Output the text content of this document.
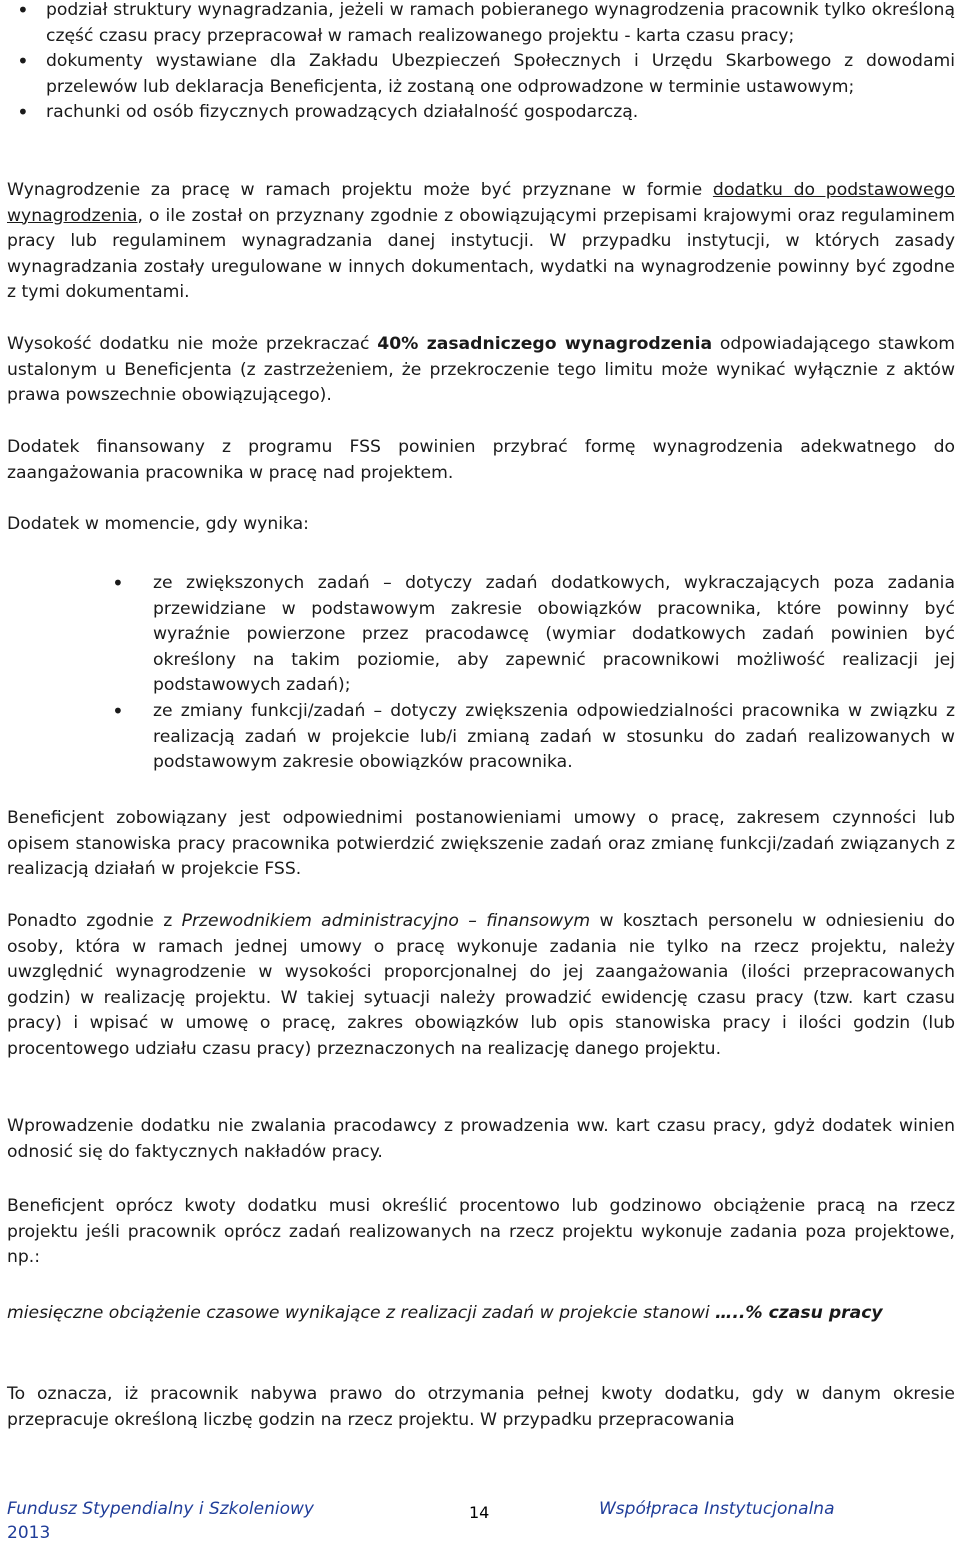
• podział struktury wynagradzania, jeżeli w ramach pobieranego wynagrodzenia pracownik tylko określoną część czasu pracy przepracował w ramach realizowanego projektu - karta czasu pracy;
• dokumenty wystawiane dla Zakładu Ubezpieczeń Społecznych i Urzędu Skarbowego z dowodami przelewów lub deklaracja Beneficjenta, iż zostaną one odprowadzone w terminie ustawowym;
• rachunki od osób fizycznych prowadzących działalność gospodarczą.

Wynagrodzenie za pracę w ramach projektu może być przyznane w formie dodatku do podstawowego wynagrodzenia, o ile został on przyznany zgodnie z obowiązującymi przepisami krajowymi oraz regulaminem pracy lub regulaminem wynagradzania danej instytucji. W przypadku instytucji, w których zasady wynagradzania zostały uregulowane w innych dokumentach, wydatki na wynagrodzenie powinny być zgodne z tymi dokumentami.

Wysokość dodatku nie może przekraczać 40% zasadniczego wynagrodzenia odpowiadającego stawkom ustalonym u Beneficjenta (z zastrzeżeniem, że przekroczenie tego limitu może wynikać wyłącznie z aktów prawa powszechnie obowiązującego).

Dodatek finansowany z programu FSS powinien przybrać formę wynagrodzenia adekwatnego do zaangażowania pracownika w pracę nad projektem.

Dodatek w momencie, gdy wynika:

• ze zwiększonych zadań – dotyczy zadań dodatkowych, wykraczających poza zadania przewidziane w podstawowym zakresie obowiązków pracownika, które powinny być wyraźnie powierzone przez pracodawcę (wymiar dodatkowych zadań powinien być określony na takim poziomie, aby zapewnić pracownikowi możliwość realizacji jej podstawowych zadań);
• ze zmiany funkcji/zadań – dotyczy zwiększenia odpowiedzialności pracownika w związku z realizacją zadań w projekcie lub/i zmianą zadań w stosunku do zadań realizowanych w podstawowym zakresie obowiązków pracownika.

Beneficjent zobowiązany jest odpowiednimi postanowieniami umowy o pracę, zakresem czynności lub opisem stanowiska pracy pracownika potwierdzić zwiększenie zadań oraz zmianę funkcji/zadań związanych z realizacją działań w projekcie FSS.

Ponadto zgodnie z Przewodnikiem administracyjno – finansowym w kosztach personelu w odniesieniu do osoby, która w ramach jednej umowy o pracę wykonuje zadania nie tylko na rzecz projektu, należy uwzględnić wynagrodzenie w wysokości proporcjonalnej do jej zaangażowania (ilości przepracowanych godzin) w realizację projektu. W takiej sytuacji należy prowadzić ewidencję czasu pracy (tzw. kart czasu pracy) i wpisać w umowę o pracę, zakres obowiązków lub opis stanowiska pracy i ilości godzin (lub procentowego udziału czasu pracy) przeznaczonych na realizację danego projektu.

Wprowadzenie dodatku nie zwalania pracodawcy z prowadzenia ww. kart czasu pracy, gdyż dodatek winien odnosić się do faktycznych nakładów pracy.

Beneficjent oprócz kwoty dodatku musi określić procentowo lub godzinowo obciążenie pracą na rzecz projektu jeśli pracownik oprócz zadań realizowanych na rzecz projektu wykonuje zadania poza projektowe, np.:

miesięczne obciążenie czasowe wynikające z realizacji zadań w projekcie stanowi …..% czasu pracy

To oznacza, iż pracownik nabywa prawo do otrzymania pełnej kwoty dodatku, gdy w danym okresie przepracuje określoną liczbę godzin na rzecz projektu. W przypadku przepracowania

Fundusz Stypendialny i Szkoleniowy
2013
14	Współpraca Instytucjonalna
